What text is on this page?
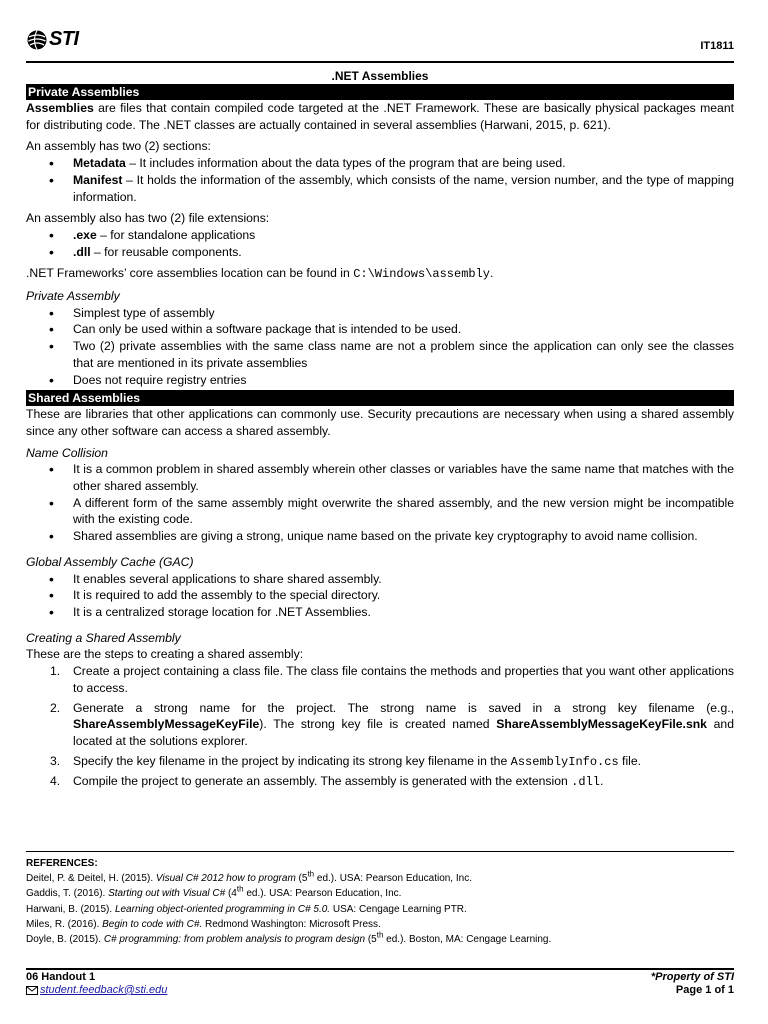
STI	IT1811
.NET Assemblies
Private Assemblies

Assemblies are files that contain compiled code targeted at the .NET Framework. These are basically physical packages meant for distributing code. The .NET classes are actually contained in several assemblies (Harwani, 2015, p. 621).

An assembly has two (2) sections:

• Metadata – It includes information about the data types of the program that are being used.
• Manifest – It holds the information of the assembly, which consists of the name, version number, and the type of mapping information.

An assembly also has two (2) file extensions:

• .exe – for standalone applications
• .dll – for reusable components.

.NET Frameworks’ core assemblies location can be found in C:\Windows\assembly.

Private Assembly

• Simplest type of assembly
• Can only be used within a software package that is intended to be used.
• Two (2) private assemblies with the same class name are not a problem since the application can only see the classes that are mentioned in its private assemblies
• Does not require registry entries
Shared Assemblies

These are libraries that other applications can commonly use. Security precautions are necessary when using a shared assembly since any other software can access a shared assembly.

Name Collision

• It is a common problem in shared assembly wherein other classes or variables have the same name that matches with the other shared assembly.
• A different form of the same assembly might overwrite the shared assembly, and the new version might be incompatible with the existing code.
• Shared assemblies are giving a strong, unique name based on the private key cryptography to avoid name collision.

Global Assembly Cache (GAC)

• It enables several applications to share shared assembly.
• It is required to add the assembly to the special directory.
• It is a centralized storage location for .NET Assemblies.

Creating a Shared Assembly

These are the steps to creating a shared assembly:

1. Create a project containing a class file. The class file contains the methods and properties that you want other applications to access.
2. Generate a strong name for the project. The strong name is saved in a strong key filename (e.g., ShareAssemblyMessageKeyFile). The strong key file is created named ShareAssemblyMessageKeyFile.snk and located at the solutions explorer.
3. Specify the key filename in the project by indicating its strong key filename in the AssemblyInfo.cs file.
4. Compile the project to generate an assembly. The assembly is generated with the extension .dll.
REFERENCES:
Deitel, P. & Deitel, H. (2015). Visual C# 2012 how to program (5th ed.). USA: Pearson Education, Inc.
Gaddis, T. (2016). Starting out with Visual C# (4th ed.). USA: Pearson Education, Inc.
Harwani, B. (2015). Learning object-oriented programming in C# 5.0. USA: Cengage Learning PTR.
Miles, R. (2016). Begin to code with C#. Redmond Washington: Microsoft Press.
Doyle, B. (2015). C# programming: from problem analysis to program design (5th ed.). Boston, MA: Cengage Learning.
06 Handout 1
student.feedback@sti.edu
*Property of STI
Page 1 of 1
